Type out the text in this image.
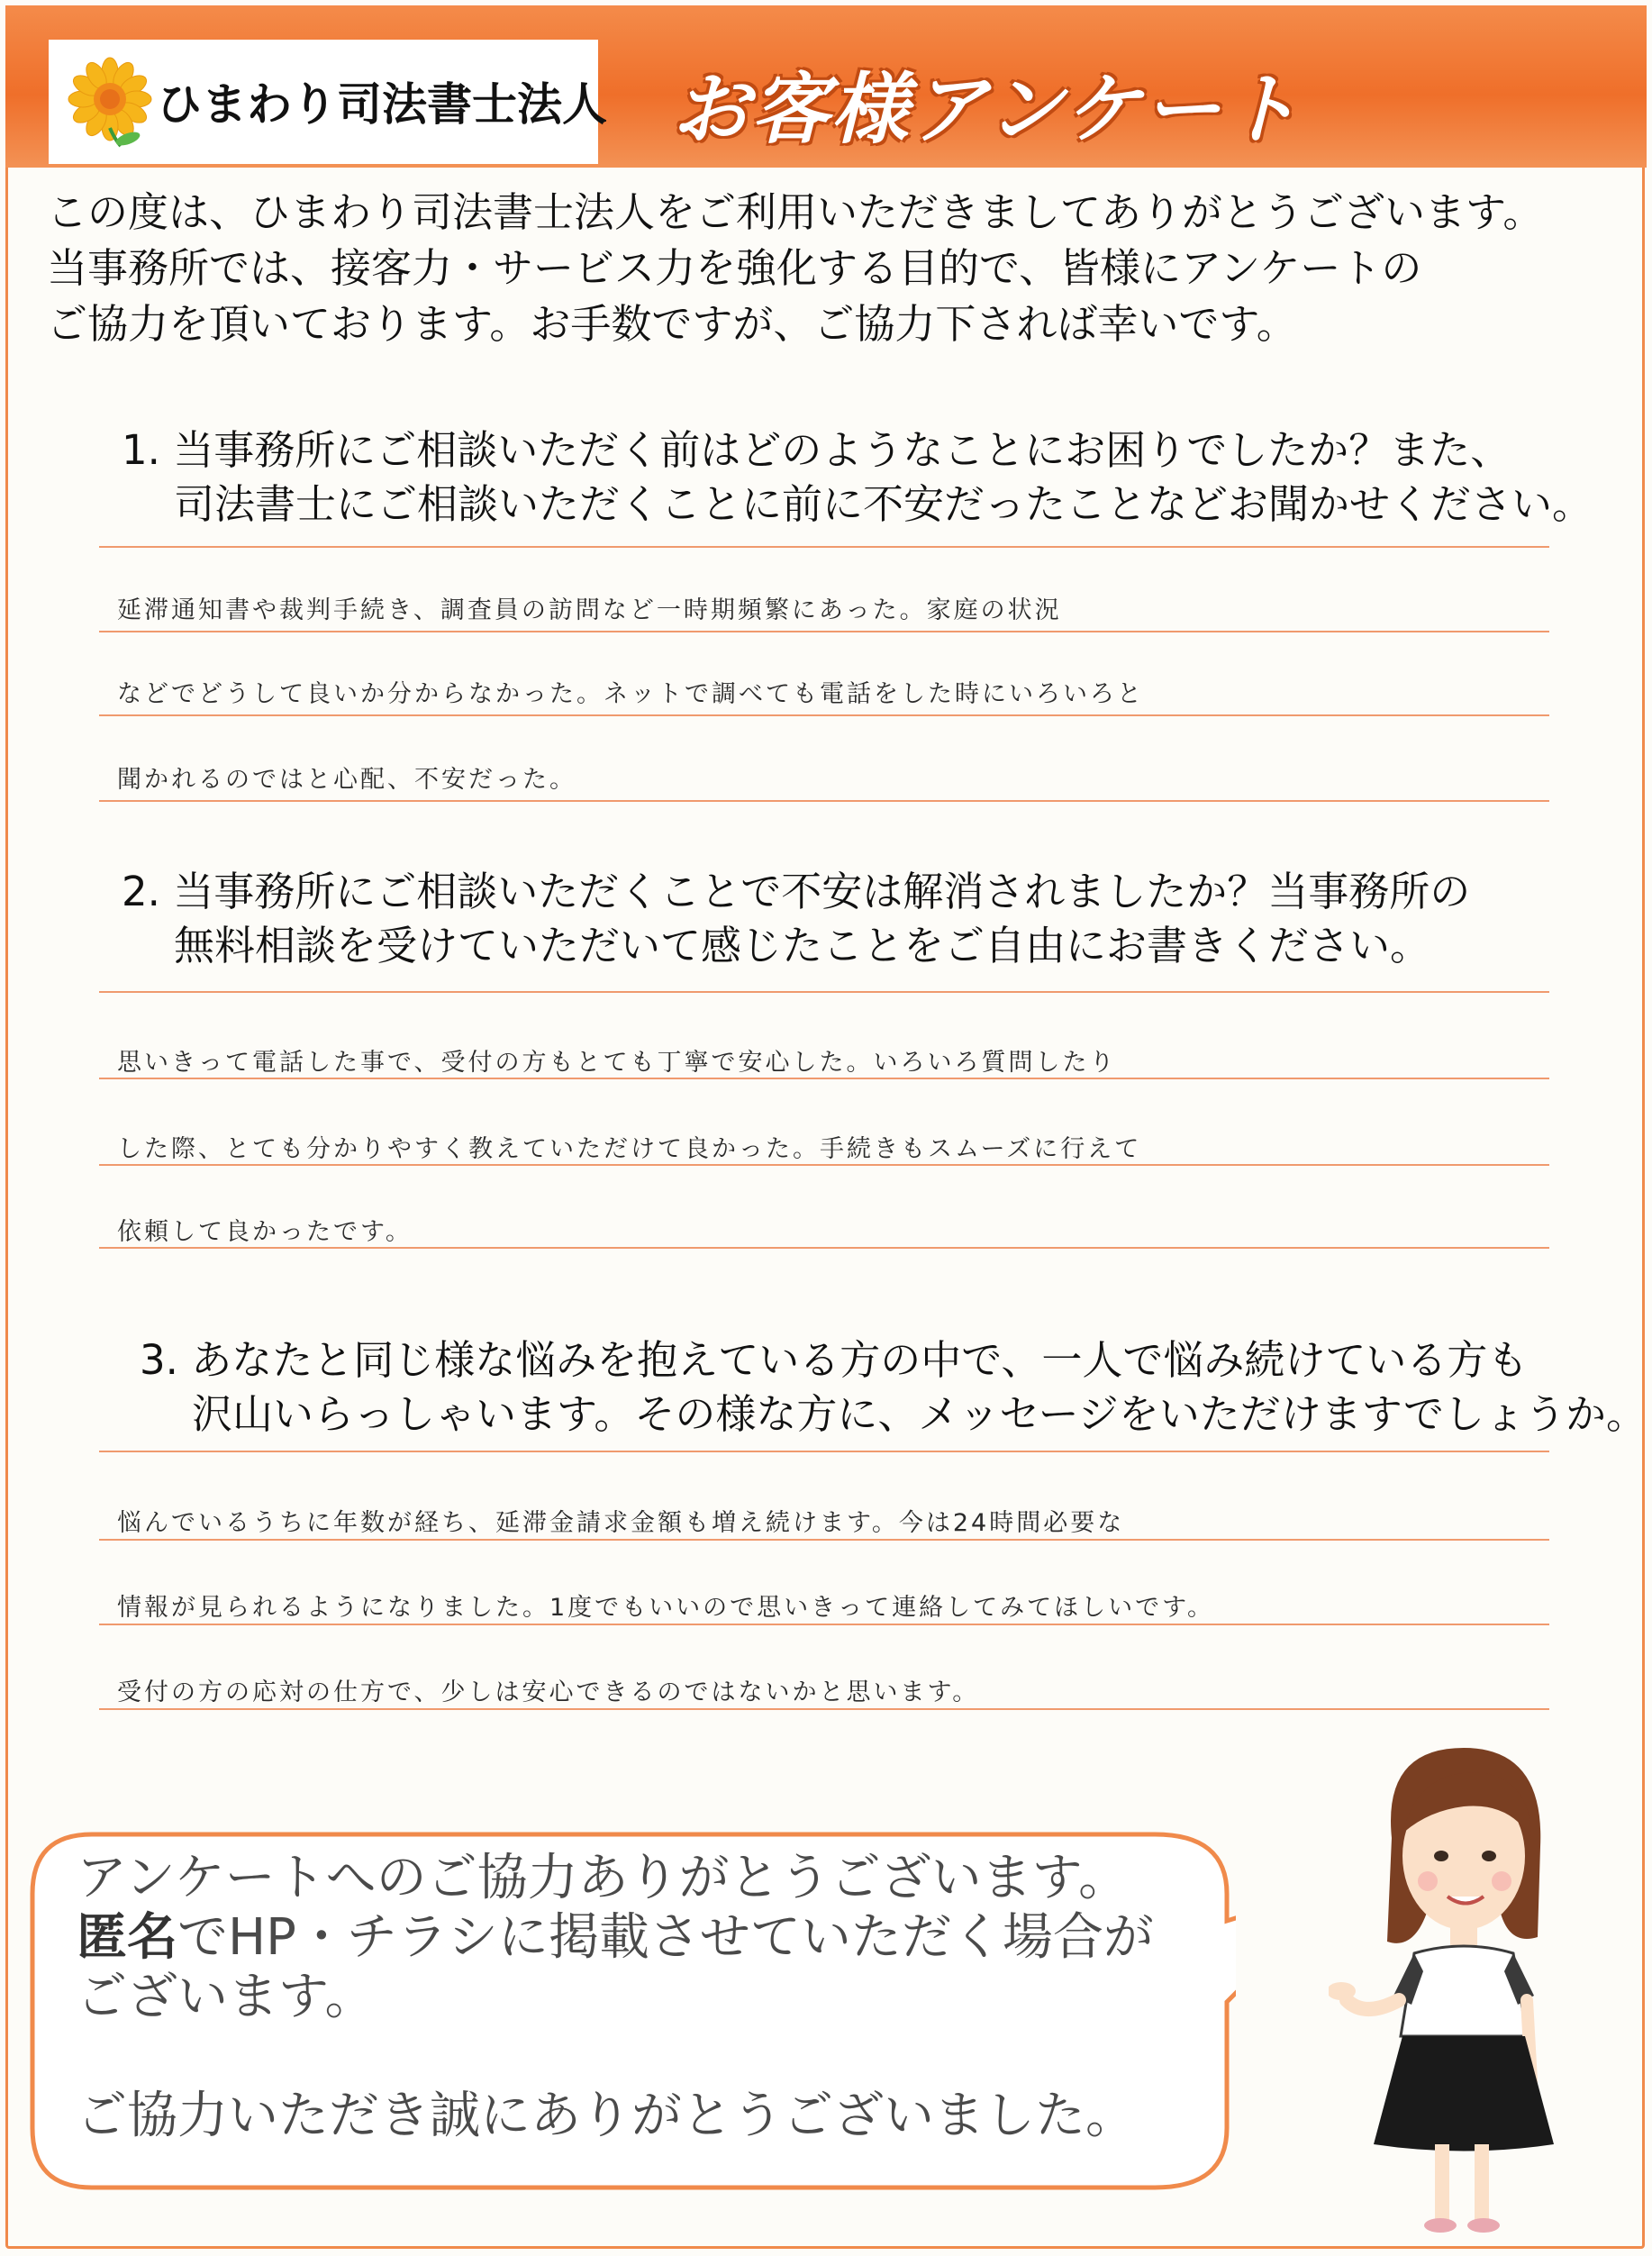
ひまわり司法書士法人 お客様アンケート
この度は、ひまわり司法書士法人をご利用いただきましてありがとうございます。
当事務所では、接客力・サービス力を強化する目的で、皆様にアンケートの
ご協力を頂いております。お手数ですが、ご協力下されば幸いです。
1. 当事務所にご相談いただく前はどのようなことにお困りでしたか？また、
司法書士にご相談いただくことに前に不安だったことなどお聞かせください。
延滞通知書や裁判手続き、調査員の訪問など一時期頻繁にあった。家庭の状況
などでどうして良いか分からなかった。ネットで調べても電話をした時にいろいろと
聞かれるのではと心配、不安だった。
2. 当事務所にご相談いただくことで不安は解消されましたか？当事務所の
無料相談を受けていただいて感じたことをご自由にお書きください。
思いきって電話した事で、受付の方もとても丁寧で安心した。いろいろ質問したり
した際、とても分かりやすく教えていただけて良かった。手続きもスムーズに行えて
依頼して良かったです。
3. あなたと同じ様な悩みを抱えている方の中で、一人で悩み続けている方も
沢山いらっしゃいます。その様な方に、メッセージをいただけますでしょうか。
悩んでいるうちに年数が経ち、延滞金請求金額も増え続けます。今は24時間必要な
情報が見られるようになりました。1度でもいいので思いきって連絡してみてほしいです。
受付の方の応対の仕方で、少しは安心できるのではないかと思います。
アンケートへのご協力ありがとうございます。
匿名でHP・チラシに掲載させていただく場合が
ございます。
ご協力いただき誠にありがとうございました。
